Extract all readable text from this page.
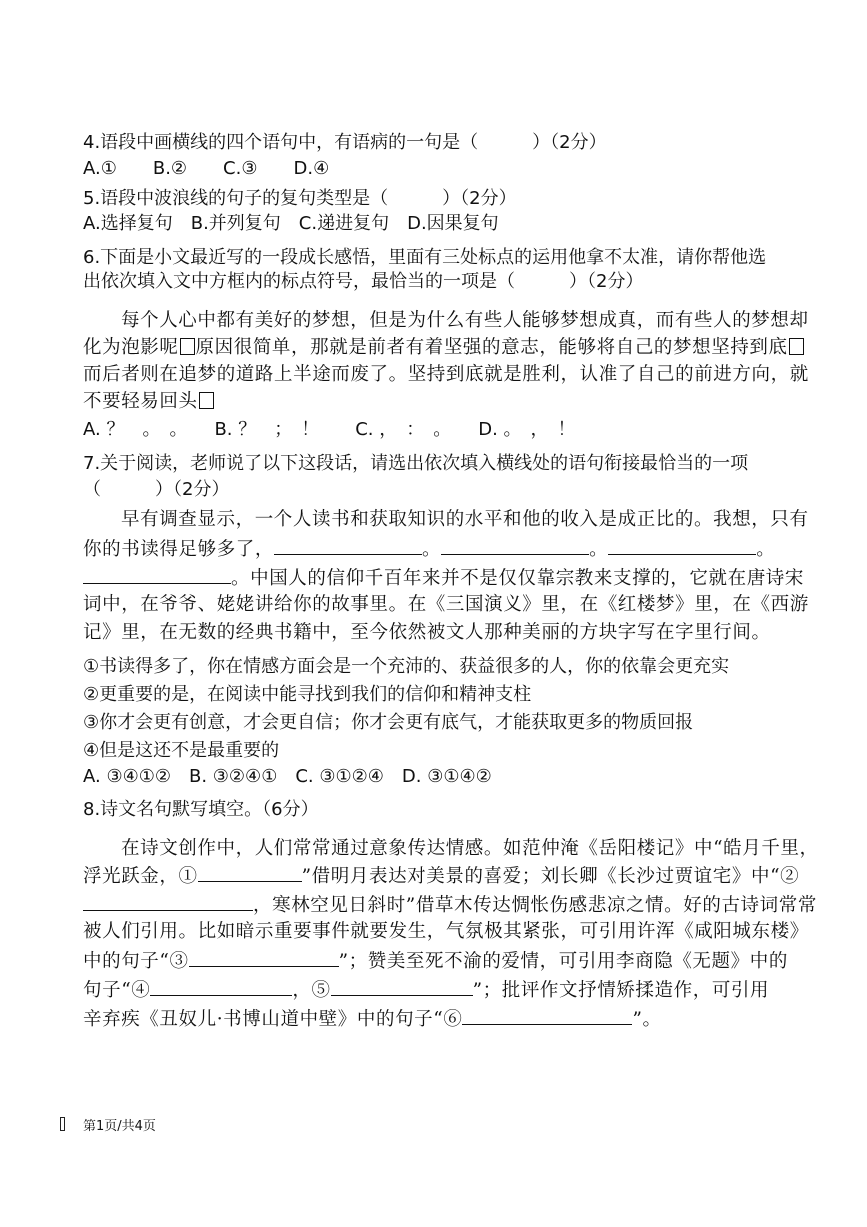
4.语段中画横线的四个语句中，有语病的一句是（　　　）（2分）
A.①　　B.②　　C.③　　D.④
5.语段中波浪线的句子的复句类型是（　　　）（2分）
A.选择复句　B.并列复句　C.递进复句　D.因果复句
6.下面是小文最近写的一段成长感悟，里面有三处标点的运用他拿不太准，请你帮他选
出依次填入文中方框内的标点符号，最恰当的一项是（　　　）（2分）
每个人心中都有美好的梦想，但是为什么有些人能够梦想成真，而有些人的梦想却
化为泡影呢 原因很简单，那就是前者有着坚强的意志，能够将自己的梦想坚持到底
而后者则在追梦的道路上半途而废了。坚持到底就是胜利，认准了自己的前进方向，就
不要轻易回头
A. ？　。　。　　B. ？　；　！　　C. ，　：　。　　D. 。　，　！
7.关于阅读，老师说了以下这段话，请选出依次填入横线处的语句衔接最恰当的一项
（　　　）（2分）
早有调查显示，一个人读书和获取知识的水平和他的收入是成正比的。我想，只有
你的书读得足够多了，	。	。	。
。中国人的信仰千百年来并不是仅仅靠宗教来支撑的，它就在唐诗宋
词中，在爷爷、姥姥讲给你的故事里。在《三国演义》里，在《红楼梦》里，在《西游
记》里，在无数的经典书籍中，至今依然被文人那种美丽的方块字写在字里行间。
①书读得多了，你在情感方面会是一个充沛的、获益很多的人，你的依靠会更充实
②更重要的是，在阅读中能寻找到我们的信仰和精神支柱
③你才会更有创意，才会更自信；你才会更有底气，才能获取更多的物质回报
④但是这还不是最重要的
A. ③④①②　B. ③②④①　C. ③①②④　D. ③①④②
8.诗文名句默写填空。（6分）
在诗文创作中，人们常常通过意象传达情感。如范仲淹《岳阳楼记》中“皓月千里，
浮光跃金，①	”借明月表达对美景的喜爱；刘长卿《长沙过贾谊宅》中“②
，寒林空见日斜时”借草木传达惆怅伤感悲凉之情。好的古诗词常常
被人们引用。比如暗示重要事件就要发生，气氛极其紧张，可引用许浑《咸阳城东楼》
中的句子“③	”；赞美至死不渝的爱情，可引用李商隐《无题》中的
句子“④	，⑤	”；批评作文抒情矫揉造作，可引用
辛弃疾《丑奴儿·书博山道中壁》中的句子“⑥	”。
第1页/共4页
